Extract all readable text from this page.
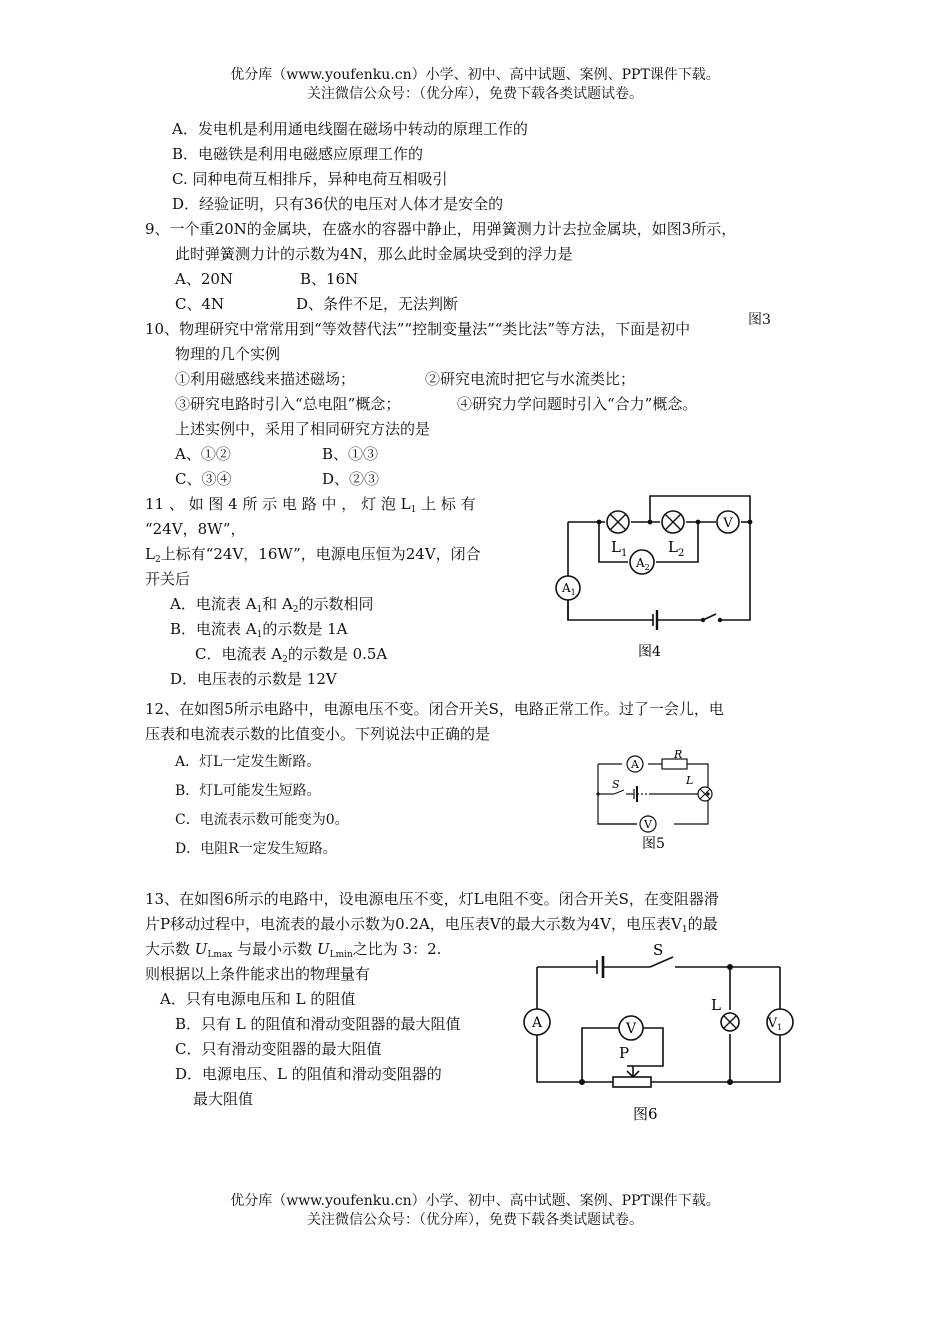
优分库（www.youfenku.cn）小学、初中、高中试题、案例、PPT课件下载。
关注微信公众号：（优分库），免费下载各类试题试卷。
A．发电机是利用通电线圈在磁场中转动的原理工作的
B．电磁铁是利用电磁感应原理工作的
C. 同种电荷互相排斥，异种电荷互相吸引
D．经验证明，只有36伏的电压对人体才是安全的
9、一个重20N的金属块，在盛水的容器中静止，用弹簧测力计去拉金属块，如图3所示，
此时弹簧测力计的示数为4N，那么此时金属块受到的浮力是
A、20N	B、16N
C、4N	D、条件不足，无法判断
图3
10、物理研究中常常用到“等效替代法”“控制变量法”“类比法”等方法，下面是初中
物理的几个实例
①利用磁感线来描述磁场；	②研究电流时把它与水流类比；
③研究电路时引入“总电阻”概念；	④研究力学问题时引入“合力”概念。
上述实例中，采用了相同研究方法的是
A、①②	B、①③
C、③④	D、②③
11 、 如 图 4 所 示 电 路 中 ， 灯 泡 $L_1$ 上 标 有
“24V，8W”，
$L_2$上标有“24V，16W”，电源电压恒为24V，闭合
开关后
A．电流表 $A_1$和 $A_2$的示数相同
B．电流表 $A_1$的示数是 1A
C．电流表 $A_2$的示数是 0.5A
D．电压表的示数是 12V
V
$A_2$
$A_1$
$L_1$	$L_2$
图4
12、在如图5所示电路中，电源电压不变。闭合开关S，电路正常工作。过了一会儿，电
压表和电流表示数的比值变小。下列说法中正确的是
A．灯L一定发生断路。
B．灯L可能发生短路。
C．电流表示数可能变为0。
D．电阻R一定发生短路。
A
V
R
S	L
图5
13、在如图6所示的电路中，设电源电压不变，灯L电阻不变。闭合开关S，在变阻器滑
片P移动过程中，电流表的最小示数为0.2A，电压表V的最大示数为4V，电压表$V_1$的最
大示数 $U_{Lmax}$ 与最小示数 $U_{Lmin}$之比为 3：2.
则根据以上条件能求出的物理量有
A．只有电源电压和 L 的阻值
B．只有 L 的阻值和滑动变阻器的最大阻值
C．只有滑动变阻器的最大阻值
D．电源电压、L 的阻值和滑动变阻器的
最大阻值
A	V	$V_1$
S
L
P
图6
优分库（www.youfenku.cn）小学、初中、高中试题、案例、PPT课件下载。
关注微信公众号：（优分库），免费下载各类试题试卷。
